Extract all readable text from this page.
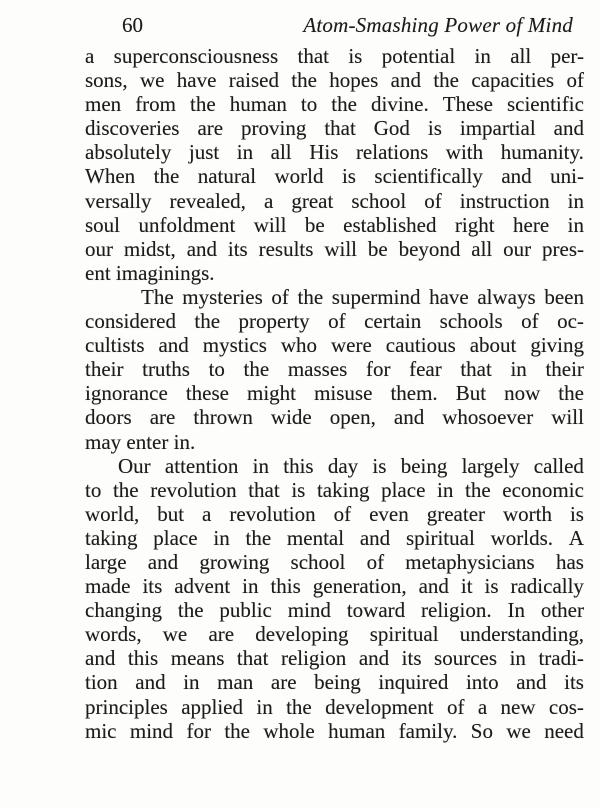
60	Atom-Smashing Power of Mind
a superconsciousness that is potential in all per-
sons, we have raised the hopes and the capacities of
men from the human to the divine. These scientific
discoveries are proving that God is impartial and
absolutely just in all His relations with humanity.
When the natural world is scientifically and uni-
versally revealed, a great school of instruction in
soul unfoldment will be established right here in
our midst, and its results will be beyond all our pres-
ent imaginings.
The mysteries of the supermind have always been
considered the property of certain schools of oc-
cultists and mystics who were cautious about giving
their truths to the masses for fear that in their
ignorance these might misuse them. But now the
doors are thrown wide open, and whosoever will
may enter in.
Our attention in this day is being largely called
to the revolution that is taking place in the economic
world, but a revolution of even greater worth is
taking place in the mental and spiritual worlds. A
large and growing school of metaphysicians has
made its advent in this generation, and it is radically
changing the public mind toward religion. In other
words, we are developing spiritual understanding,
and this means that religion and its sources in tradi-
tion and in man are being inquired into and its
principles applied in the development of a new cos-
mic mind for the whole human family. So we need
